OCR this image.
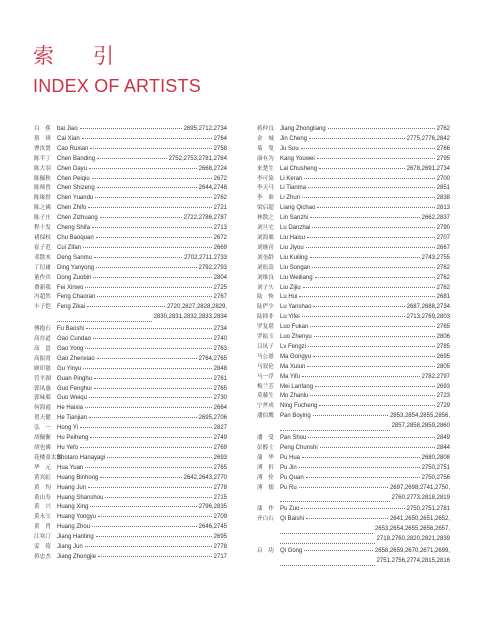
索　引
INDEX OF ARTISTS
白　蕉	bai Jiao	2695,2712,2734
蔡　琪	Cai Xian	2764
曹汝贤	Cao Ruxian	2758
陈半丁	Chen Banding	2752,2753,2781,2784
陈大羽	Chen Dayu	2668,2724
陈佩秋	Chen Peiqiu	2672
陈师曾	Chen Shizeng	2644,2748
陈缘督	Chen Yuandu	2762
陈之佛	Chen Zhifo	2721
陈子庄	Chen Zizhuang	2722,2786,2787
程十发	Cheng Shifa	2713
褚保权	Chu Baoquan	2672
崔子范	Cui Zifan	2669
邓散木	Deng Sanmu	2702,2711,2733
丁衍庸	Ding Yanyong	2792,2793
董作宾	Dong Zuobin	2804
费新我	Fei Xinwo	2725
冯超然	Feng Chaoran	2767
丰子恺	Feng Zikai	2720,2827,2828,2829,
2830,2831,2832,2833,2834
傅抱石	Fu Baoshi	2734
高存道	Gao Cundao	2740
高　邕	Gao Yong	2763
高振霄	Gao Zhenxiao	2764,2765
顾印愚	Gu Yinyu	2848
管平湖	Guan Pinghu	2761
郭凤惠	Guo Fenghui	2765
郭味蕖	Guo Weiqu	2730
何海霞	He Haixia	2664
贺天健	He Tianjian	2695,2706
弘　一	Hong Yi	2827
胡佩衡	Hu Peiheng	2749
胡也佛	Hu Yefo	2769
花楼童太郎
Shotaro Hanayagi	2693
华　元	Hua Yuan	2765
黄宾虹	Huang Binhong	2642,2643,2770
黄　均	Huang Jun	2778
黄山寿	Huang Shanshou	2715
黄　兴	Huang Xing	2796,2835
黄永玉	Huang Yongyu	2709
黄　胄	Huang Zhou	2646,2745
江寒汀	Jiang Hanting	2695
姜　筠	Jiang Jun	2778
蒋忠杰	Jiang Zhongjie	2717
蒋仲良	Jiang Zhongliang	2762
金　城	Jin Cheng	2775,2776,2842
菊　叟	Ju Sou	2766
康有为	Kang Youwei	2795
来楚生	Lai Chusheng	2678,2691,2734
李可染	Li Keran	2700
李天马	Li Tianma	2851
李　准	Li Zhun	2838
梁启超	Liang Qichao	2813
林散之	Lin Sanzhi	2662,2837
刘旦宅	Lu Danzhai	2790
刘海粟	Liu Haisu	2707
刘继卣	Liu Jiyou	2667
刘奎龄	Liu Kuiling	2743,2755
刘松嵩	Liu Songan	2762
刘维良	Liu Weiliang	2762
刘子久	Liu Zijiu	2762
陆　恢	Lu Hui	2681
陆俨少	Lu Yanshao	2687,2688,2734
陆抑非	Lu Yifei	2713,2769,2803
罗复堪	Luo Fukan	2765
罗振玉	Luo Zhenyu	2806
吕凤子	Lv Fengzi	2785
马公愚	Ma Gongyu	2695
马叙伦	Ma Xulun	2805
马一浮	Ma Yifu	2782,2797
梅兰芳	Mei Lanfang	2693
莫藤生	Mo Zhanlu	2723
宁斧成	Ning Fucheng	2729
潘伯鹰	Pan Boying	2853,2854,2855,2856,
2857,2858,2859,2860
潘　受	Pan Shou	2849
彭醇士	Peng Chunshi	2844
蒲　华	Pu Hua	2680,2808
溥　伒	Pu Jin	2750,2751
溥　佺	Pu Quan	2750,2756
溥　儒	Pu Ru	2697,2698,2741,2750,
2760,2773,2818,2819
蒲　作	Pu Zuo	2750,2751,2781
齐白石	Qi Baishi	2641,2650,2651,2652,
2653,2654,2655,2656,2657,
2718,2760,2820,2821,2839
启　功	Qi Gong	2658,2659,2670,2671,2699,
2751,2756,2774,2815,2816
